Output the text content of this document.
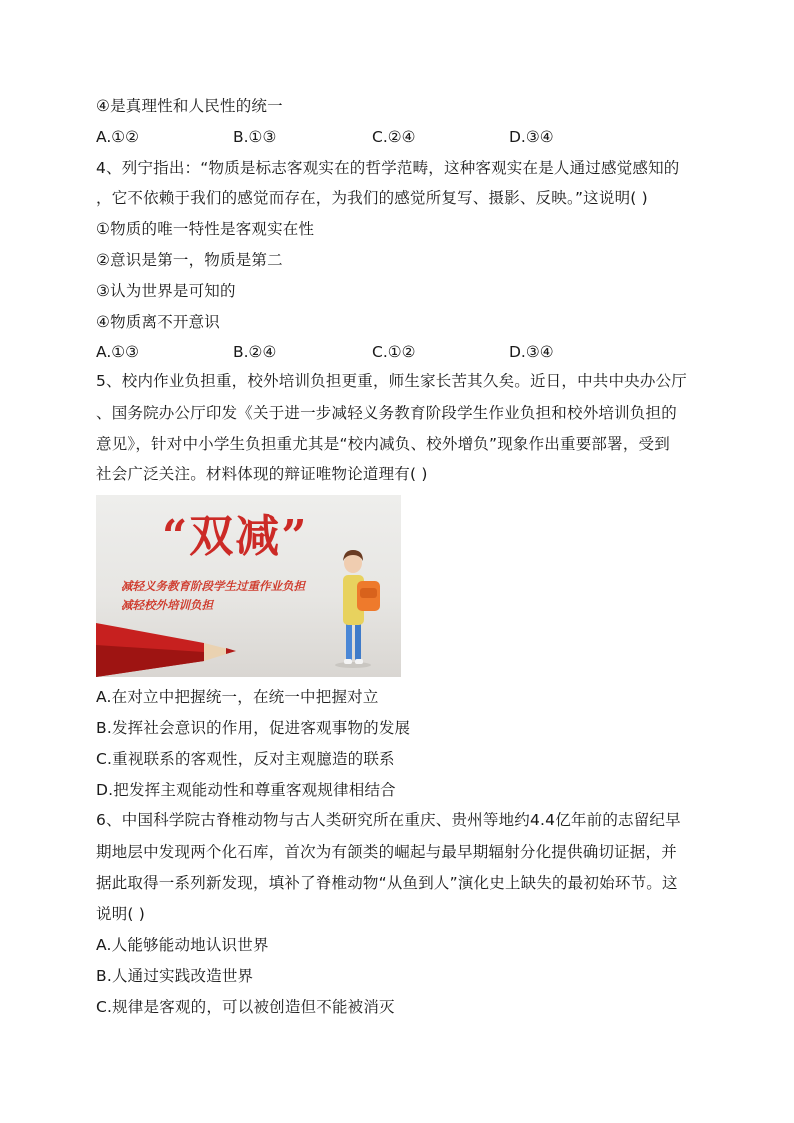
④是真理性和人民性的统一
A.①②	B.①③	C.②④	D.③④
4、列宁指出：“物质是标志客观实在的哲学范畴，这种客观实在是人通过感觉感知的
，它不依赖于我们的感觉而存在，为我们的感觉所复写、摄影、反映。”这说明( )
①物质的唯一特性是客观实在性
②意识是第一，物质是第二
③认为世界是可知的
④物质离不开意识
A.①③	B.②④	C.①②	D.③④
5、校内作业负担重，校外培训负担更重，师生家长苦其久矣。近日，中共中央办公厅
、国务院办公厅印发《关于进一步减轻义务教育阶段学生作业负担和校外培训负担的
意见》，针对中小学生负担重尤其是“校内减负、校外增负”现象作出重要部署，受到
社会广泛关注。材料体现的辩证唯物论道理有( )
“双减”
减轻义务教育阶段学生过重作业负担
减轻校外培训负担
A.在对立中把握统一，在统一中把握对立
B.发挥社会意识的作用，促进客观事物的发展
C.重视联系的客观性，反对主观臆造的联系
D.把发挥主观能动性和尊重客观规律相结合
6、中国科学院古脊椎动物与古人类研究所在重庆、贵州等地约4.4亿年前的志留纪早
期地层中发现两个化石库，首次为有颌类的崛起与最早期辐射分化提供确切证据，并
据此取得一系列新发现，填补了脊椎动物“从鱼到人”演化史上缺失的最初始环节。这
说明( )
A.人能够能动地认识世界
B.人通过实践改造世界
C.规律是客观的，可以被创造但不能被消灭
